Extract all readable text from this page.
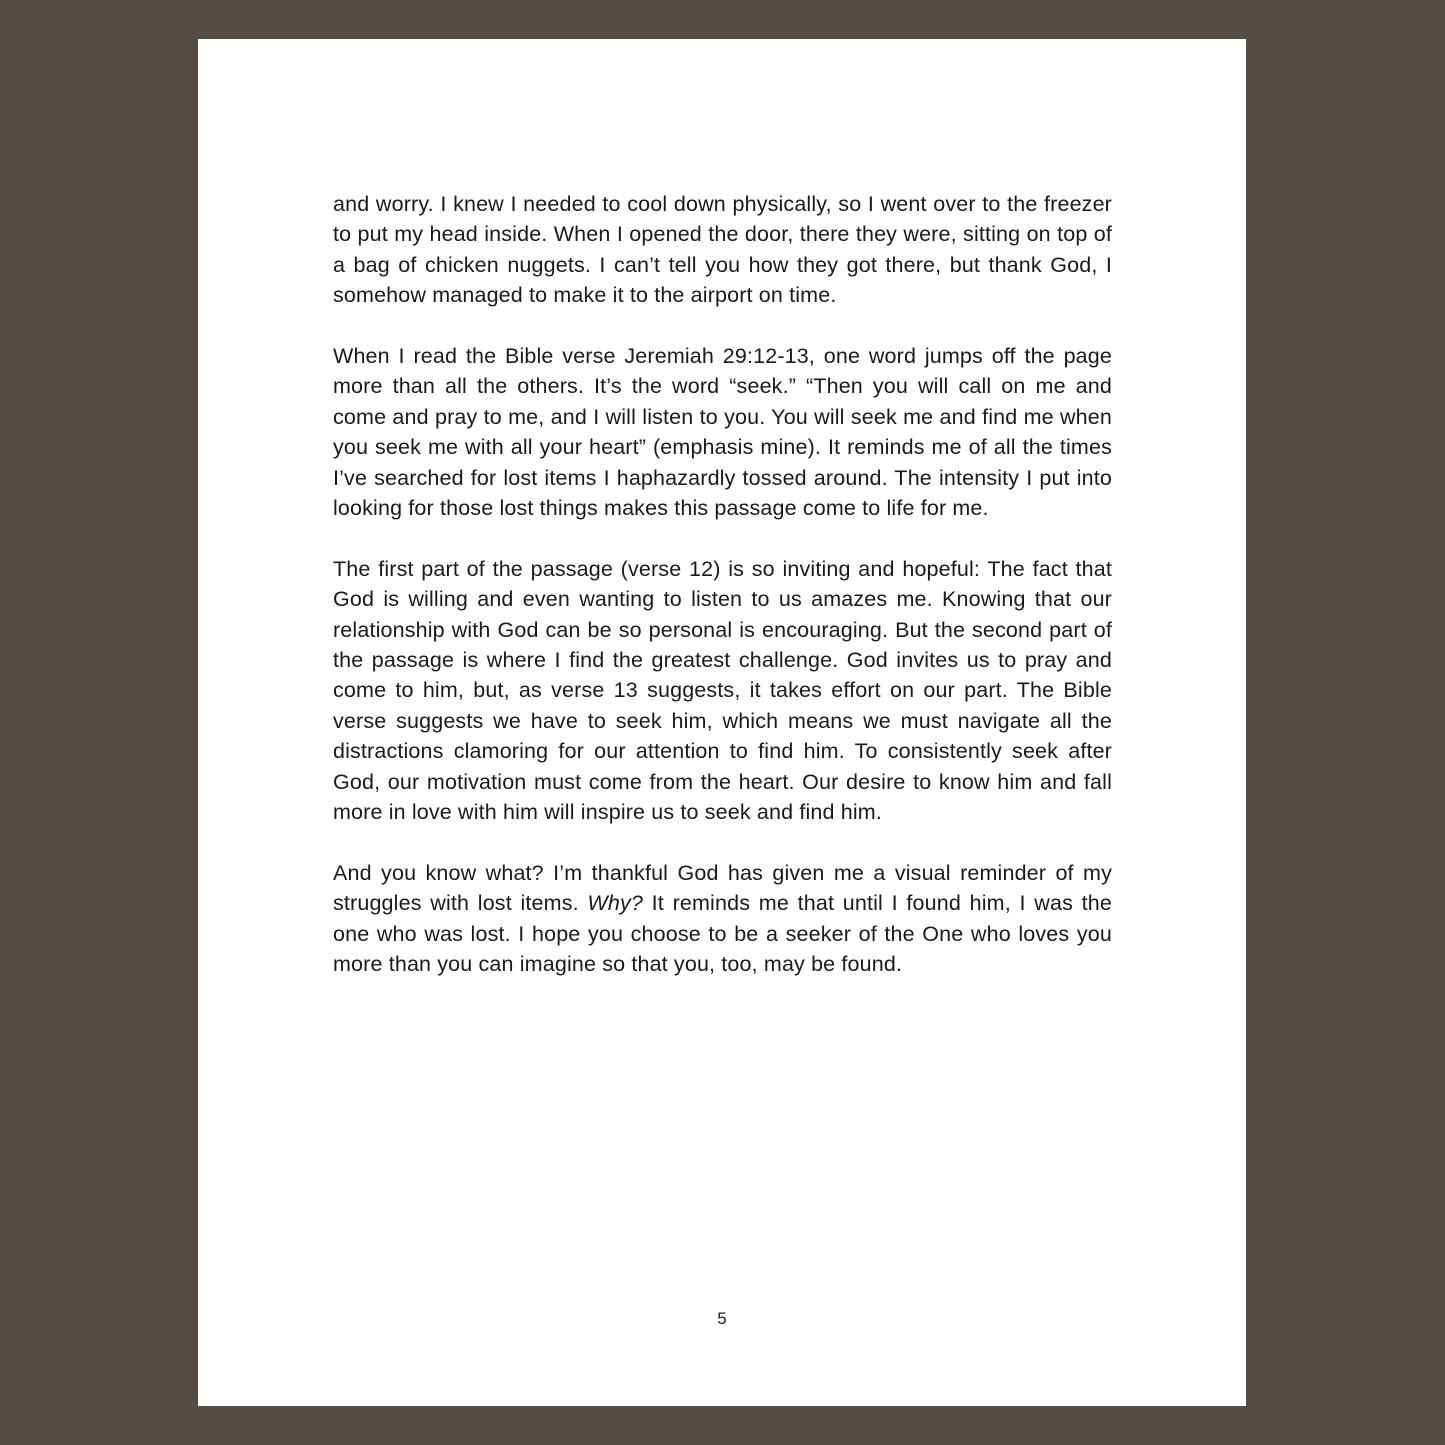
and worry. I knew I needed to cool down physically, so I went over to the freezer to put my head inside. When I opened the door, there they were, sitting on top of a bag of chicken nuggets. I can’t tell you how they got there, but thank God, I somehow managed to make it to the airport on time.

When I read the Bible verse Jeremiah 29:12-13, one word jumps off the page more than all the others. It’s the word “seek.” “Then you will call on me and come and pray to me, and I will listen to you. You will seek me and find me when you seek me with all your heart” (emphasis mine). It reminds me of all the times I’ve searched for lost items I haphazardly tossed around. The intensity I put into looking for those lost things makes this passage come to life for me.

The first part of the passage (verse 12) is so inviting and hopeful: The fact that God is willing and even wanting to listen to us amazes me. Knowing that our relationship with God can be so personal is encouraging. But the second part of the passage is where I find the greatest challenge. God invites us to pray and come to him, but, as verse 13 suggests, it takes effort on our part. The Bible verse suggests we have to seek him, which means we must navigate all the distractions clamoring for our attention to find him. To consistently seek after God, our motivation must come from the heart. Our desire to know him and fall more in love with him will inspire us to seek and find him.

And you know what? I’m thankful God has given me a visual reminder of my struggles with lost items. Why? It reminds me that until I found him, I was the one who was lost. I hope you choose to be a seeker of the One who loves you more than you can imagine so that you, too, may be found.

5
